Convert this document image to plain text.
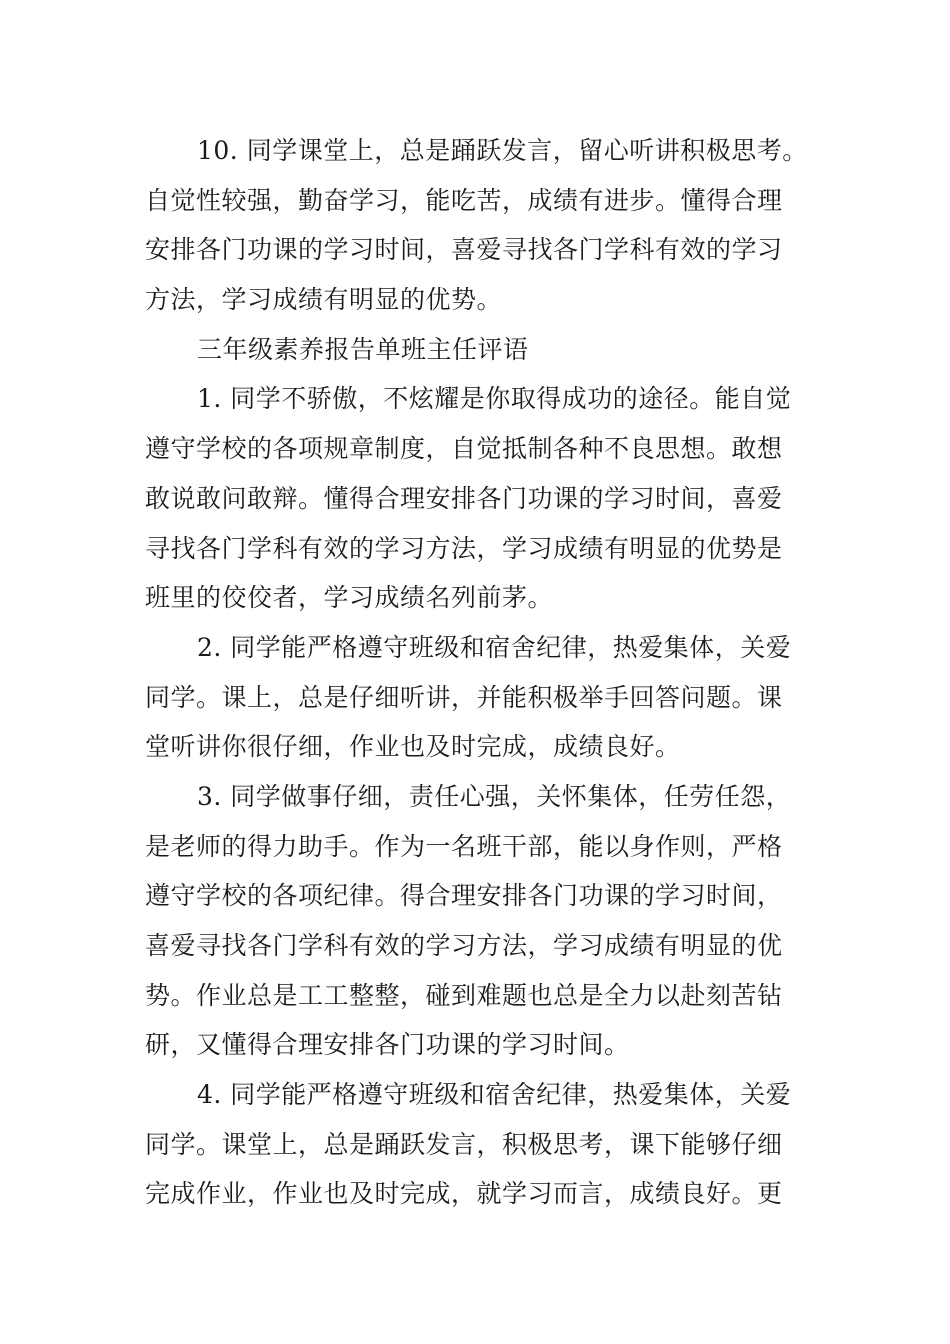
10. 同学课堂上，总是踊跃发言，留心听讲积极思考。
自觉性较强，勤奋学习，能吃苦，成绩有进步。懂得合理
安排各门功课的学习时间，喜爱寻找各门学科有效的学习
方法，学习成绩有明显的优势。
三年级素养报告单班主任评语
1. 同学不骄傲，不炫耀是你取得成功的途径。能自觉
遵守学校的各项规章制度，自觉抵制各种不良思想。敢想
敢说敢问敢辩。懂得合理安排各门功课的学习时间，喜爱
寻找各门学科有效的学习方法，学习成绩有明显的优势是
班里的佼佼者，学习成绩名列前茅。
2. 同学能严格遵守班级和宿舍纪律，热爱集体，关爱
同学。课上，总是仔细听讲，并能积极举手回答问题。课
堂听讲你很仔细，作业也及时完成，成绩良好。
3. 同学做事仔细，责任心强，关怀集体，任劳任怨，
是老师的得力助手。作为一名班干部，能以身作则，严格
遵守学校的各项纪律。得合理安排各门功课的学习时间，
喜爱寻找各门学科有效的学习方法，学习成绩有明显的优
势。作业总是工工整整，碰到难题也总是全力以赴刻苦钻
研，又懂得合理安排各门功课的学习时间。
4. 同学能严格遵守班级和宿舍纪律，热爱集体，关爱
同学。课堂上，总是踊跃发言，积极思考，课下能够仔细
完成作业，作业也及时完成，就学习而言，成绩良好。更
